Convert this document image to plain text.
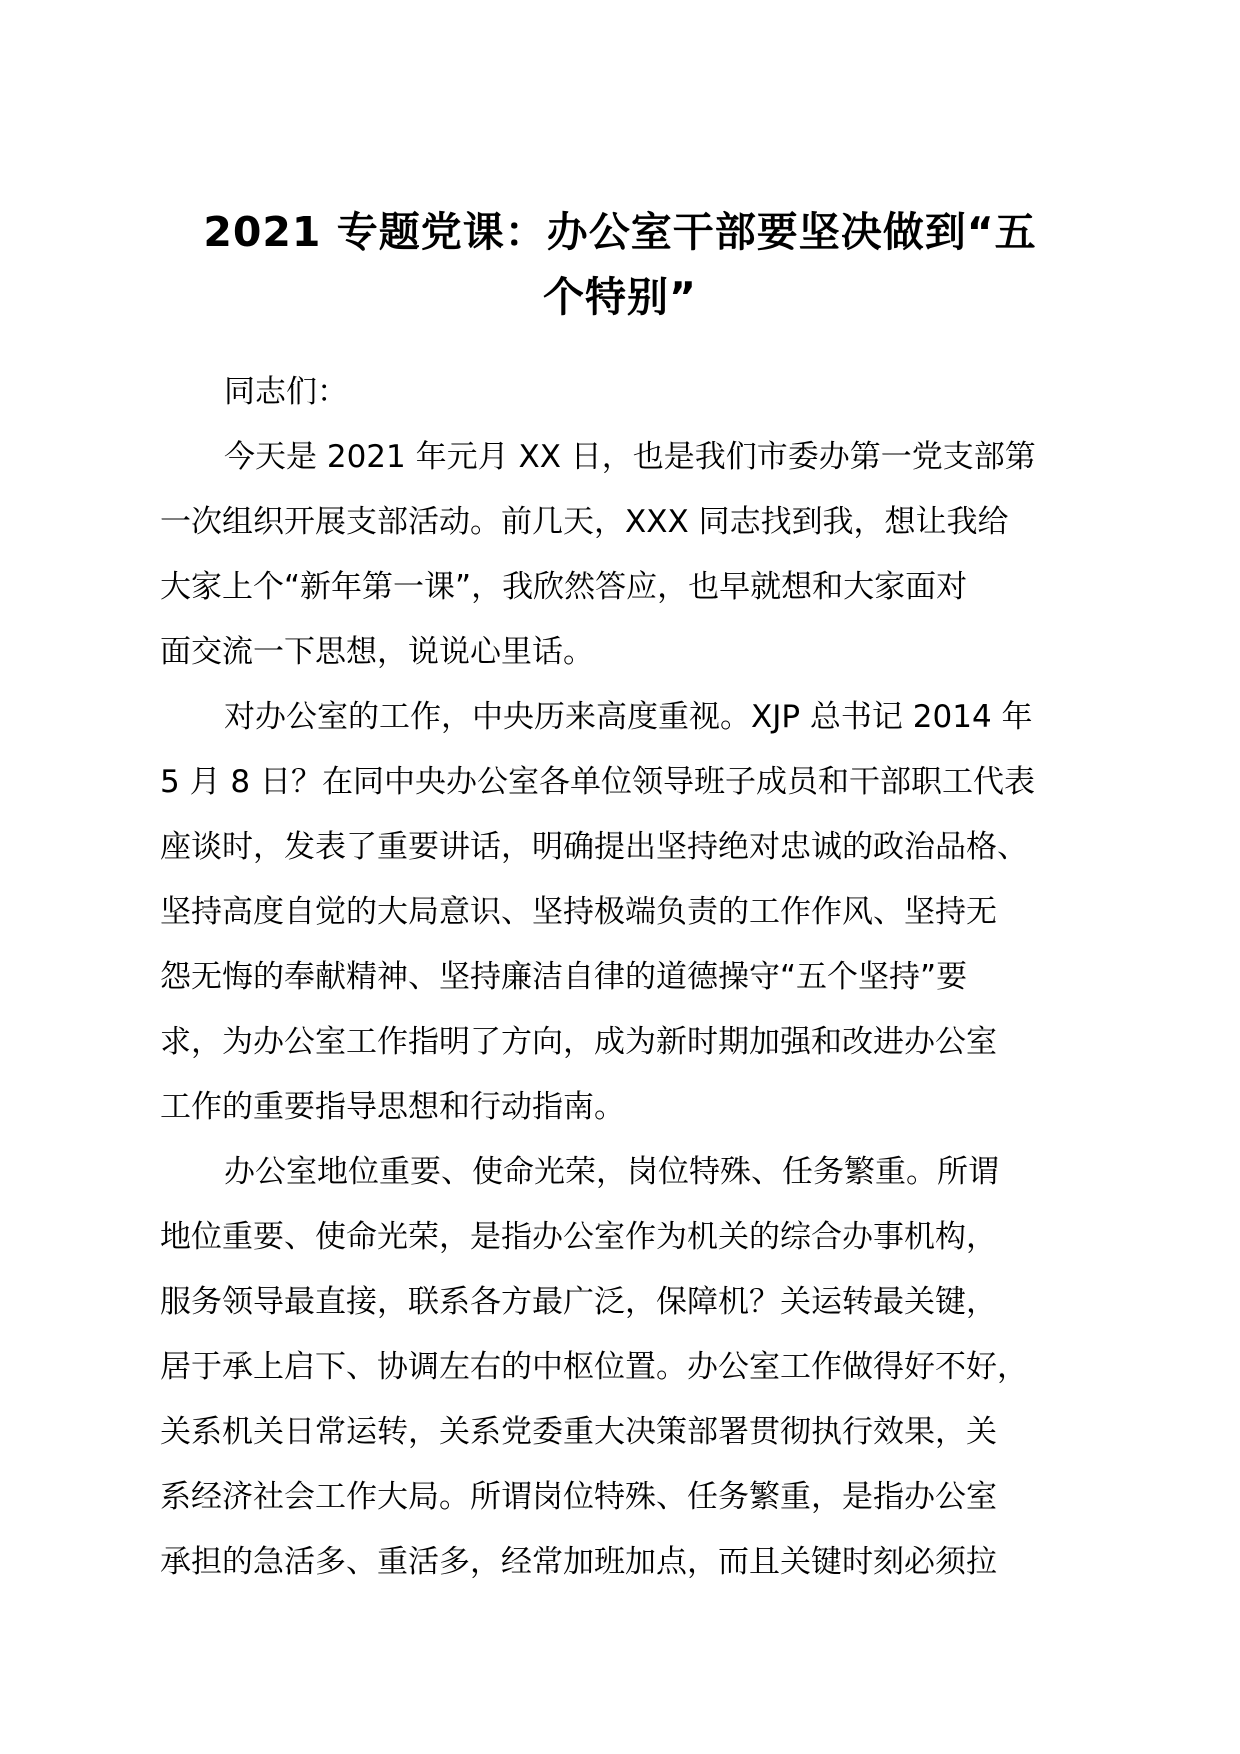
2021 专题党课：办公室干部要坚决做到“五
个特别”
同志们：
今天是 2021 年元月 XX 日，也是我们市委办第一党支部第
一次组织开展支部活动。前几天，XXX 同志找到我，想让我给
大家上个“新年第一课”，我欣然答应，也早就想和大家面对
面交流一下思想，说说心里话。
对办公室的工作，中央历来高度重视。XJP 总书记 2014 年
5 月 8 日？在同中央办公室各单位领导班子成员和干部职工代表
座谈时，发表了重要讲话，明确提出坚持绝对忠诚的政治品格、
坚持高度自觉的大局意识、坚持极端负责的工作作风、坚持无
怨无悔的奉献精神、坚持廉洁自律的道德操守“五个坚持”要
求，为办公室工作指明了方向，成为新时期加强和改进办公室
工作的重要指导思想和行动指南。
办公室地位重要、使命光荣，岗位特殊、任务繁重。所谓
地位重要、使命光荣，是指办公室作为机关的综合办事机构，
服务领导最直接，联系各方最广泛，保障机？关运转最关键，
居于承上启下、协调左右的中枢位置。办公室工作做得好不好，
关系机关日常运转，关系党委重大决策部署贯彻执行效果，关
系经济社会工作大局。所谓岗位特殊、任务繁重，是指办公室
承担的急活多、重活多，经常加班加点，而且关键时刻必须拉
